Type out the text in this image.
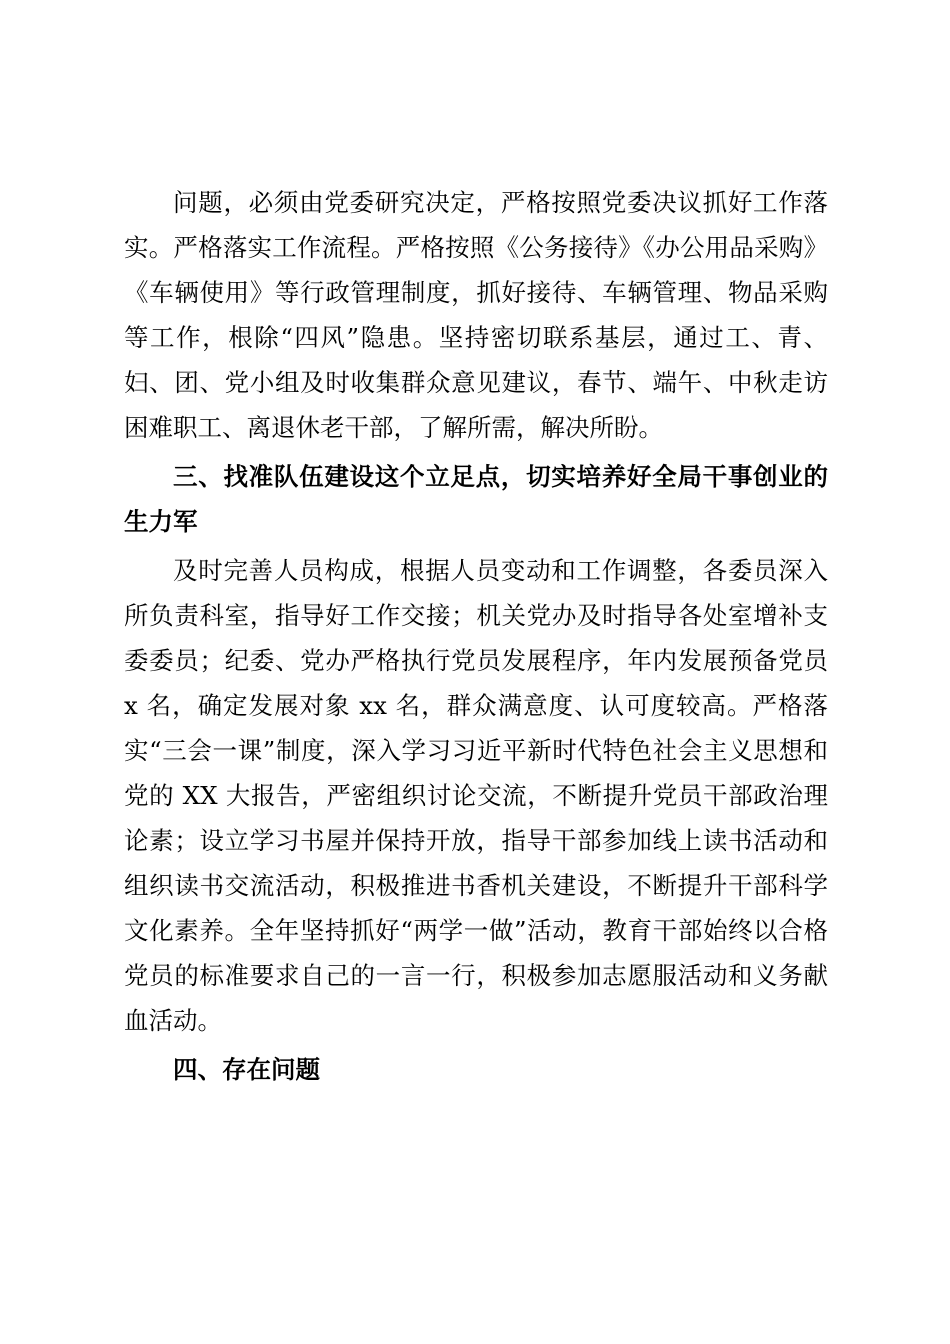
问题，必须由党委研究决定，严格按照党委决议抓好工作落实。严格落实工作流程。严格按照《公务接待》《办公用品采购》《车辆使用》等行政管理制度，抓好接待、车辆管理、物品采购等工作，根除“四风”隐患。坚持密切联系基层，通过工、青、妇、团、党小组及时收集群众意见建议，春节、端午、中秋走访困难职工、离退休老干部，了解所需，解决所盼。

三、找准队伍建设这个立足点，切实培养好全局干事创业的生力军

及时完善人员构成，根据人员变动和工作调整，各委员深入所负责科室，指导好工作交接；机关党办及时指导各处室增补支委委员；纪委、党办严格执行党员发展程序，年内发展预备党员 x 名，确定发展对象 xx 名，群众满意度、认可度较高。严格落实“三会一课”制度，深入学习习近平新时代特色社会主义思想和党的 XX 大报告，严密组织讨论交流，不断提升党员干部政治理论素；设立学习书屋并保持开放，指导干部参加线上读书活动和组织读书交流活动，积极推进书香机关建设，不断提升干部科学文化素养。全年坚持抓好“两学一做”活动，教育干部始终以合格党员的标准要求自己的一言一行，积极参加志愿服活动和义务献血活动。

四、存在问题
